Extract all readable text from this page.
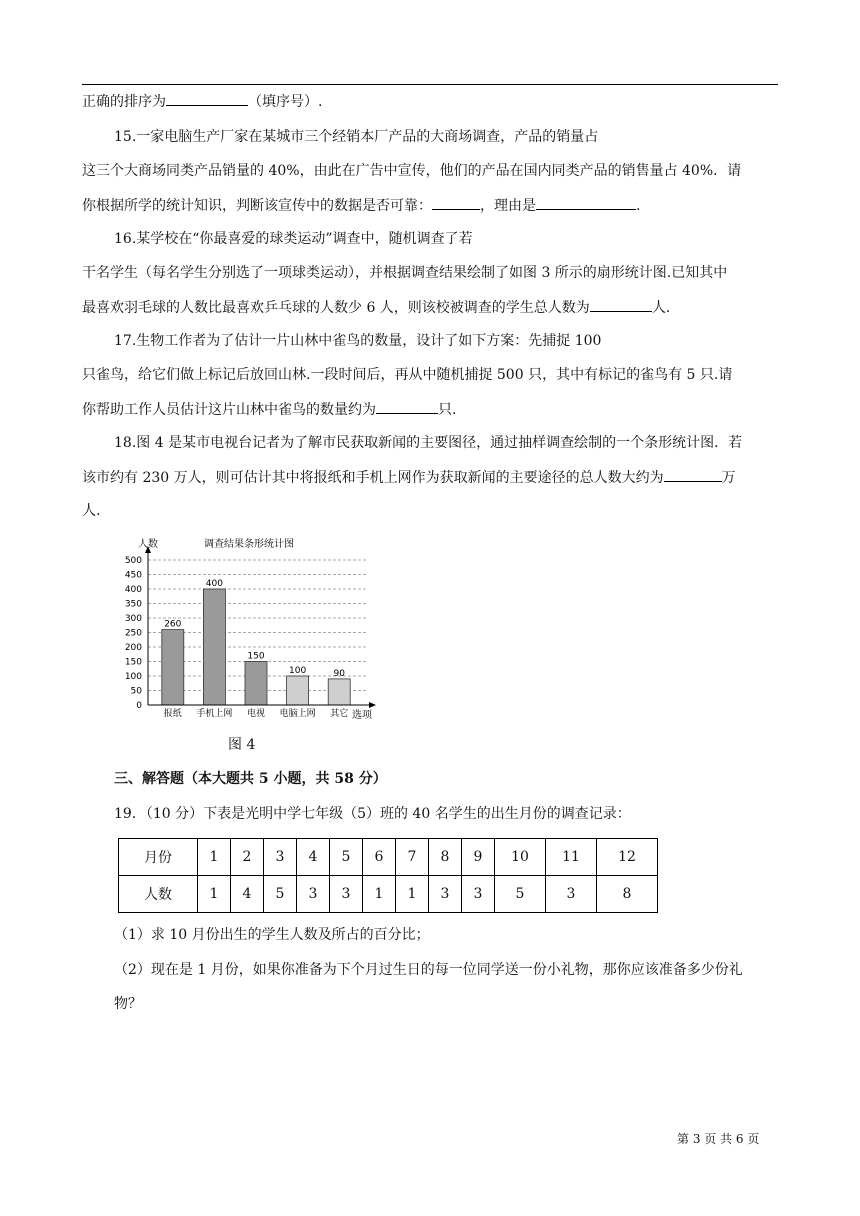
正确的排序为	（填序号）.
15.一家电脑生产厂家在某城市三个经销本厂产品的大商场调查，产品的销量占
这三个大商场同类产品销量的 40%，由此在广告中宣传，他们的产品在国内同类产品的销售量占 40%．请
你根据所学的统计知识，判断该宣传中的数据是否可靠：	，理由是	.
16.某学校在“你最喜爱的球类运动”调查中，随机调查了若
干名学生（每名学生分别选了一项球类运动），并根据调查结果绘制了如图 3 所示的扇形统计图.已知其中
最喜欢羽毛球的人数比最喜欢乒乓球的人数少 6 人，则该校被调查的学生总人数为	人.
17.生物工作者为了估计一片山林中雀鸟的数量，设计了如下方案：先捕捉 100
只雀鸟，给它们做上标记后放回山林.一段时间后，再从中随机捕捉 500 只，其中有标记的雀鸟有 5 只.请
你帮助工作人员估计这片山林中雀鸟的数量约为	只.
18.图 4 是某市电视台记者为了解市民获取新闻的主要图径，通过抽样调查绘制的一个条形统计图．若
该市约有 230 万人，则可估计其中将报纸和手机上网作为获取新闻的主要途径的总人数大约为	万
人.
0
50
100
150
200
250
300
350
400
450
500
260
报纸
400
手机上网
150
电视
100
电脑上网
90
其它
人数	调查结果条形统计图
选项
图 4
三、解答题（本大题共 5 小题，共 58 分）
19．（10 分）下表是光明中学七年级（5）班的 40 名学生的出生月份的调查记录：
月份	1	2	3	4	5	6	7	8	9	10	11	12
人数	1	4	5	3	3	1	1	3	3	5	3	8
（1）求 10 月份出生的学生人数及所占的百分比；
（2）现在是 1 月份，如果你准备为下个月过生日的每一位同学送一份小礼物，那你应该准备多少份礼
物？
第 3 页 共 6 页
